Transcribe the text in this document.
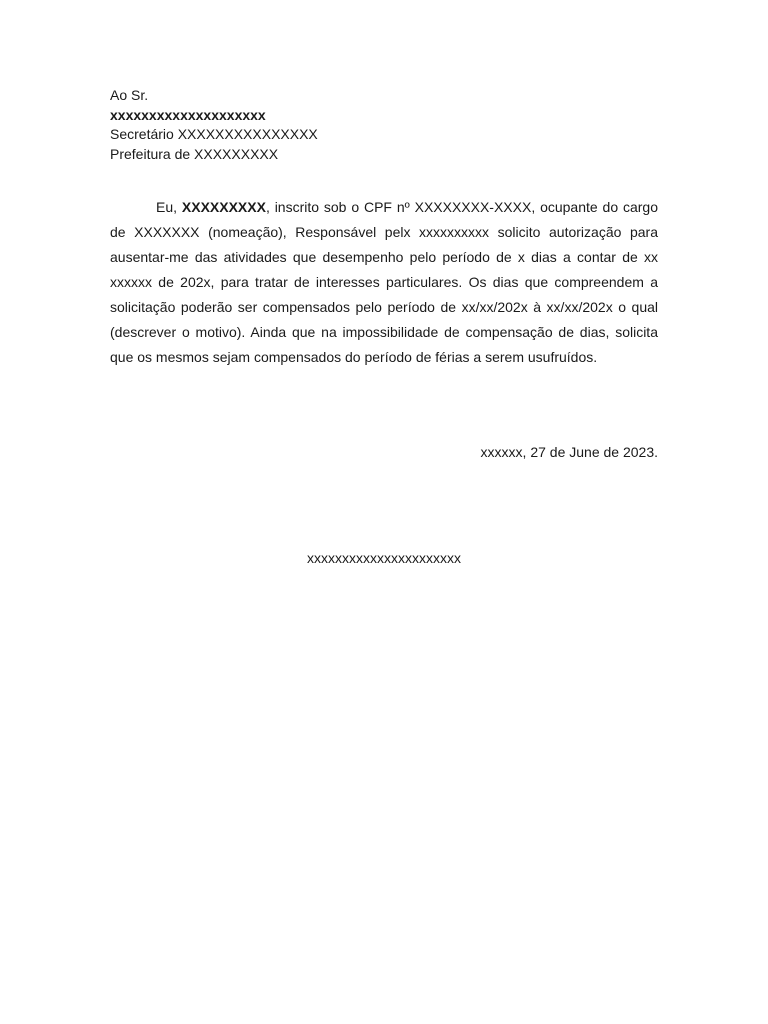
Ao Sr.
xxxxxxxxxxxxxxxxxxxx
Secretário XXXXXXXXXXXXXXX
Prefeitura de XXXXXXXXX

Eu, XXXXXXXXX, inscrito sob o CPF nº XXXXXXXX-XXXX, ocupante do cargo de XXXXXXX (nomeação), Responsável pelx xxxxxxxxxx solicito autorização para ausentar-me das atividades que desempenho pelo período de x dias a contar de xx xxxxxx de 202x, para tratar de interesses particulares. Os dias que compreendem a solicitação poderão ser compensados pelo período de xx/xx/202x à xx/xx/202x o qual (descrever o motivo). Ainda que na impossibilidade de compensação de dias, solicita que os mesmos sejam compensados do período de férias a serem usufruídos.

xxxxxx, 27 de June de 2023.
xxxxxxxxxxxxxxxxxxxxxx
